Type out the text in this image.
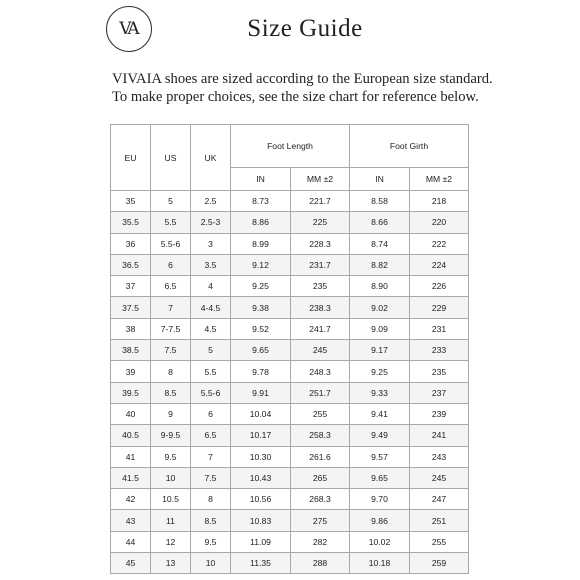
VA	Size Guide
VIVAIA shoes are sized according to the European size standard.
To make proper choices, see the size chart for reference below.
EU	US	UK	Foot Length		Foot Girth	
			IN	MM ±2	IN	MM ±2
35	5	2.5	8.73	221.7	8.58	218
35.5	5.5	2.5-3	8.86	225	8.66	220
36	5.5-6	3	8.99	228.3	8.74	222
36.5	6	3.5	9.12	231.7	8.82	224
37	6.5	4	9.25	235	8.90	226
37.5	7	4-4.5	9.38	238.3	9.02	229
38	7-7.5	4.5	9.52	241.7	9.09	231
38.5	7.5	5	9.65	245	9.17	233
39	8	5.5	9.78	248.3	9.25	235
39.5	8.5	5.5-6	9.91	251.7	9.33	237
40	9	6	10.04	255	9.41	239
40.5	9-9.5	6.5	10.17	258.3	9.49	241
41	9.5	7	10.30	261.6	9.57	243
41.5	10	7.5	10.43	265	9.65	245
42	10.5	8	10.56	268.3	9.70	247
43	11	8.5	10.83	275	9.86	251
44	12	9.5	11.09	282	10.02	255
45	13	10	11.35	288	10.18	259
